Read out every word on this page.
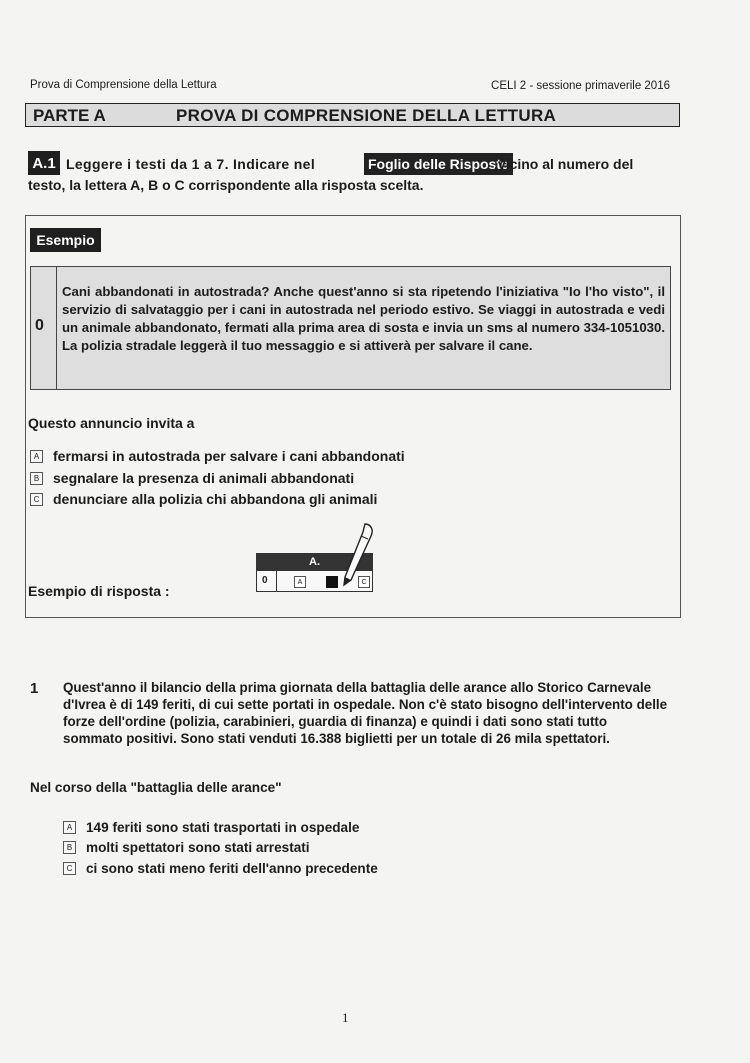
Prova di Comprensione della Lettura	CELI 2 - sessione primaverile 2016
PARTE A	PROVA DI COMPRENSIONE DELLA LETTURA
A.1 Leggere i testi da 1 a 7. Indicare nel	Foglio delle Risposte
,vicino al numero del
testo, la lettera A, B o C corrispondente alla risposta scelta.
Esempio
0
Cani abbandonati in autostrada? Anche quest'anno si sta ripetendo l'iniziativa "Io l'ho visto", il servizio di salvataggio per i cani in autostrada nel periodo estivo. Se viaggi in autostrada e vedi un animale abbandonato, fermati alla prima area di sosta e invia un sms al numero 334-1051030. La polizia stradale leggerà il tuo messaggio e si attiverà per salvare il cane.
Questo annuncio invita a
A fermarsi in autostrada per salvare i cani abbandonati
B segnalare la presenza di animali abbandonati
C denunciare alla polizia chi abbandona gli animali
Esempio di risposta :
A.
0	A	C
1 Quest'anno il bilancio della prima giornata della battaglia delle arance allo Storico Carnevale d'Ivrea è di 149 feriti, di cui sette portati in ospedale. Non c'è stato bisogno dell'intervento delle forze dell'ordine (polizia, carabinieri, guardia di finanza) e quindi i dati sono stati tutto sommato positivi. Sono stati venduti 16.388 biglietti per un totale di 26 mila spettatori.
Nel corso della "battaglia delle arance"
A 149 feriti sono stati trasportati in ospedale
B molti spettatori sono stati arrestati
C ci sono stati meno feriti dell'anno precedente
1
